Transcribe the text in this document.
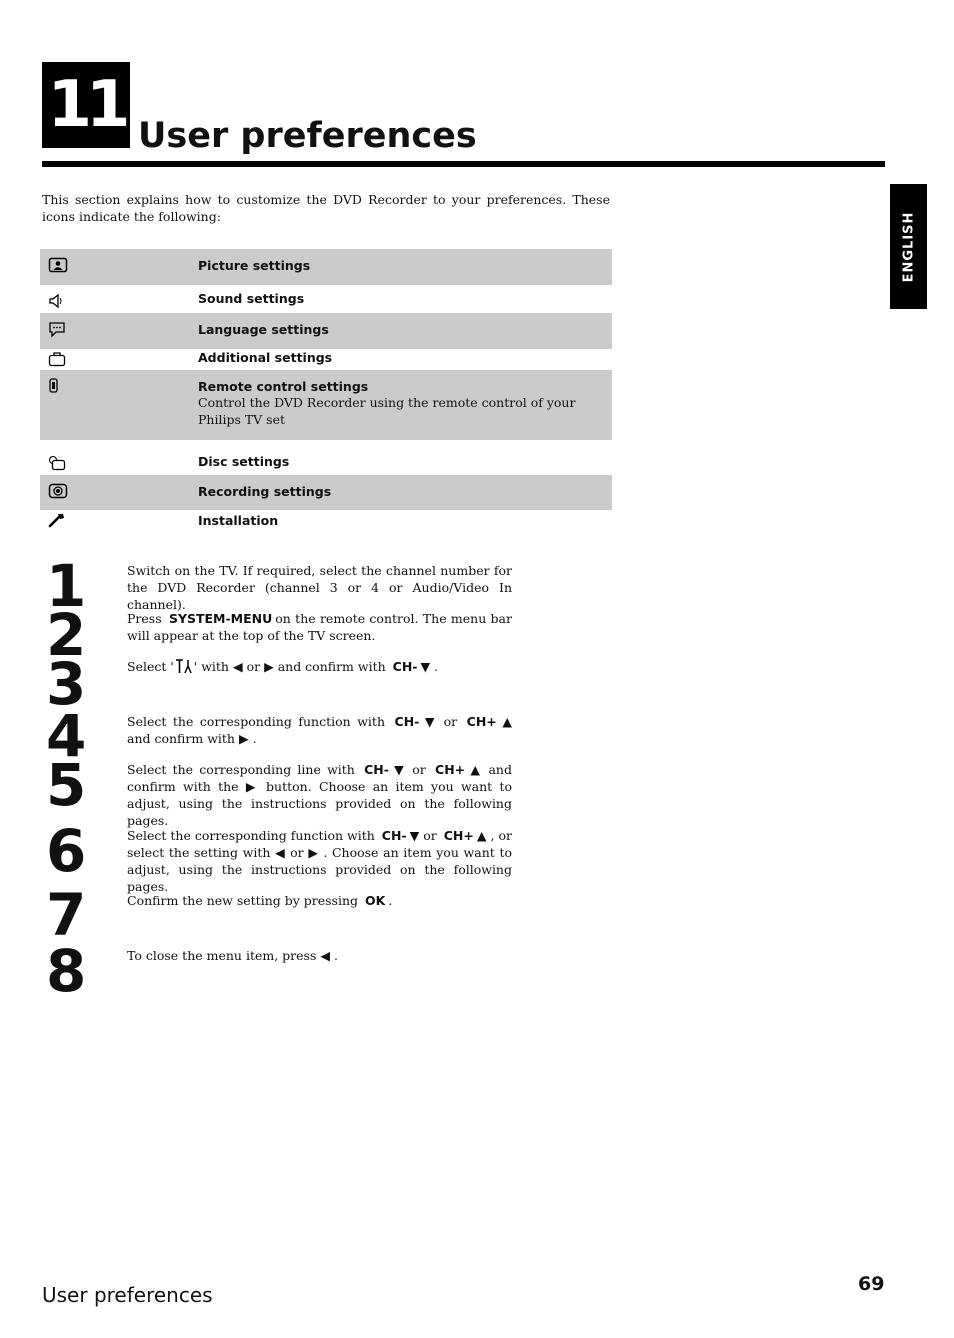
11 User preferences
ENGLISH

This section explains how to customize the DVD Recorder to your preferences. These icons indicate the following:

Picture settings
Sound settings
Language settings
Additional settings
Remote control settings
Control the DVD Recorder using the remote control of your Philips TV set
Disc settings
Recording settings
Installation
1	Switch on the TV. If required, select the channel number for the DVD Recorder (channel 3 or 4 or Audio/Video In channel).

2	Press SYSTEM-MENU on the remote control. The menu bar will appear at the top of the TV screen.

3	Select ' ' with ◀ or ▶ and confirm with CH- ▼ .

4	Select the corresponding function with CH- ▼ or CH+ ▲ and confirm with ▶ .

5	Select the corresponding line with CH- ▼ or CH+ ▲ and confirm with the ▶ button. Choose an item you want to adjust, using the instructions provided on the following pages.

6	Select the corresponding function with CH- ▼ or CH+ ▲ , or select the setting with ◀ or ▶ . Choose an item you want to adjust, using the instructions provided on the following pages.

7	Confirm the new setting by pressing OK .

8	To close the menu item, press ◀ .

User preferences	69
